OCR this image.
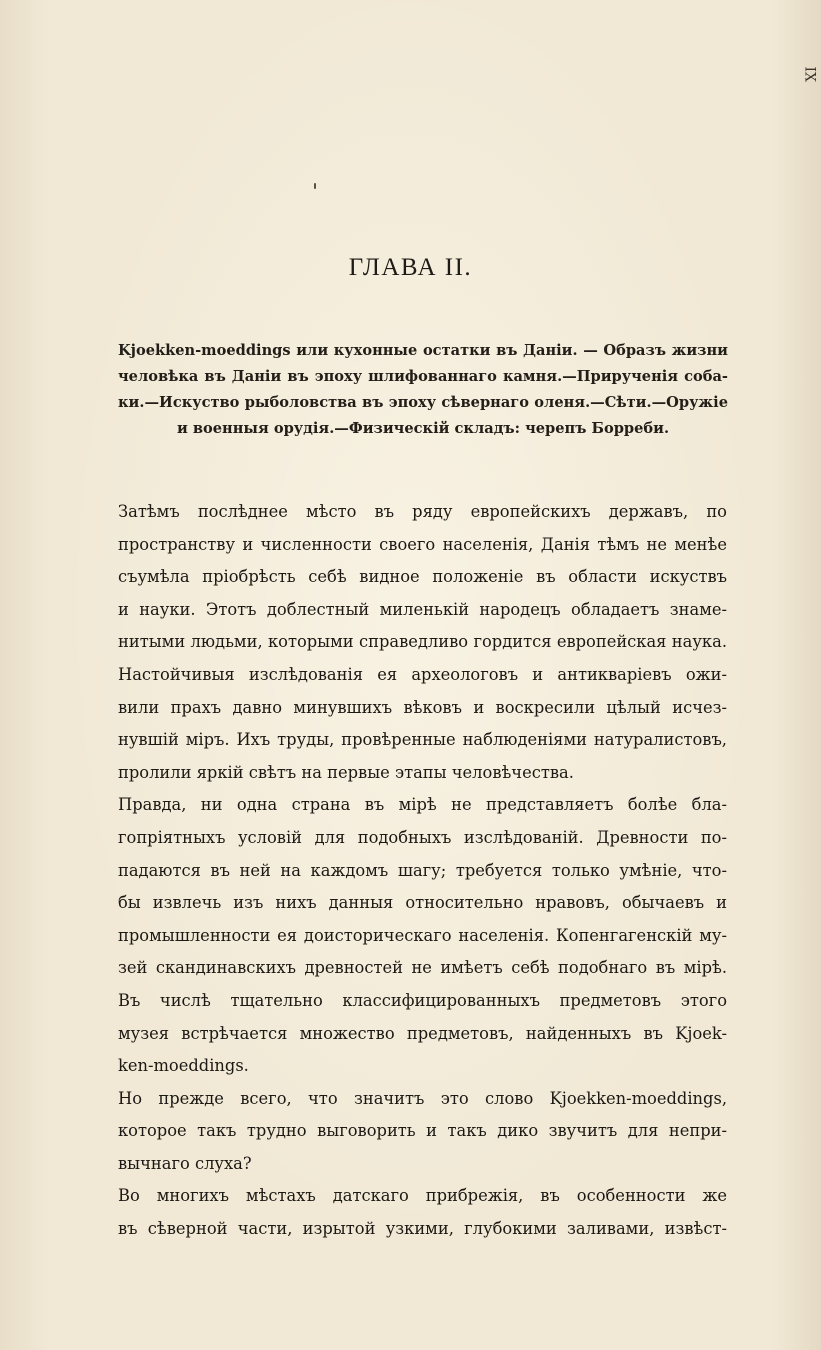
IX
ГЛАВА II.
Kjoekken-moeddings или кухонные остатки въ Даніи. — Образъ жизни
человѣка въ Даніи въ эпоху шлифованнаго камня.—Прирученія соба-
ки.—Искуство рыболовства въ эпоху сѣвернаго оленя.—Сѣти.—Оружіе
и военныя орудія.—Физическій складъ: черепъ Борреби.
Затѣмъ послѣднее мѣсто въ ряду европейскихъ державъ, по
пространству и численности своего населенія, Данія тѣмъ не менѣе
съумѣла пріобрѣсть себѣ видное положеніе въ области искуствъ
и науки. Этотъ доблестный миленькій народецъ обладаетъ знаме-
нитыми людьми, которыми справедливо гордится европейская наука.
Настойчивыя изслѣдованія ея археологовъ и антикваріевъ ожи-
вили прахъ давно минувшихъ вѣковъ и воскресили цѣлый исчез-
нувшій міръ. Ихъ труды, провѣренные наблюденіями натуралистовъ,
пролили яркій свѣтъ на первые этапы человѣчества.
Правда, ни одна страна въ мірѣ не представляетъ болѣе бла-
гопріятныхъ условій для подобныхъ изслѣдованій. Древности по-
падаются въ ней на каждомъ шагу; требуется только умѣніе, что-
бы извлечь изъ нихъ данныя относительно нравовъ, обычаевъ и
промышленности ея доисторическаго населенія. Копенгагенскій му-
зей скандинавскихъ древностей не имѣетъ себѣ подобнаго въ мірѣ.
Въ числѣ тщательно классифицированныхъ предметовъ этого
музея встрѣчается множество предметовъ, найденныхъ въ Kjoek-
ken-moeddings.
Но прежде всего, что значитъ это слово Kjoekken-moeddings,
которое такъ трудно выговорить и такъ дико звучитъ для непри-
вычнаго слуха?
Во многихъ мѣстахъ датскаго прибрежія, въ особенности же
въ сѣверной части, изрытой узкими, глубокими заливами, извѣст-
